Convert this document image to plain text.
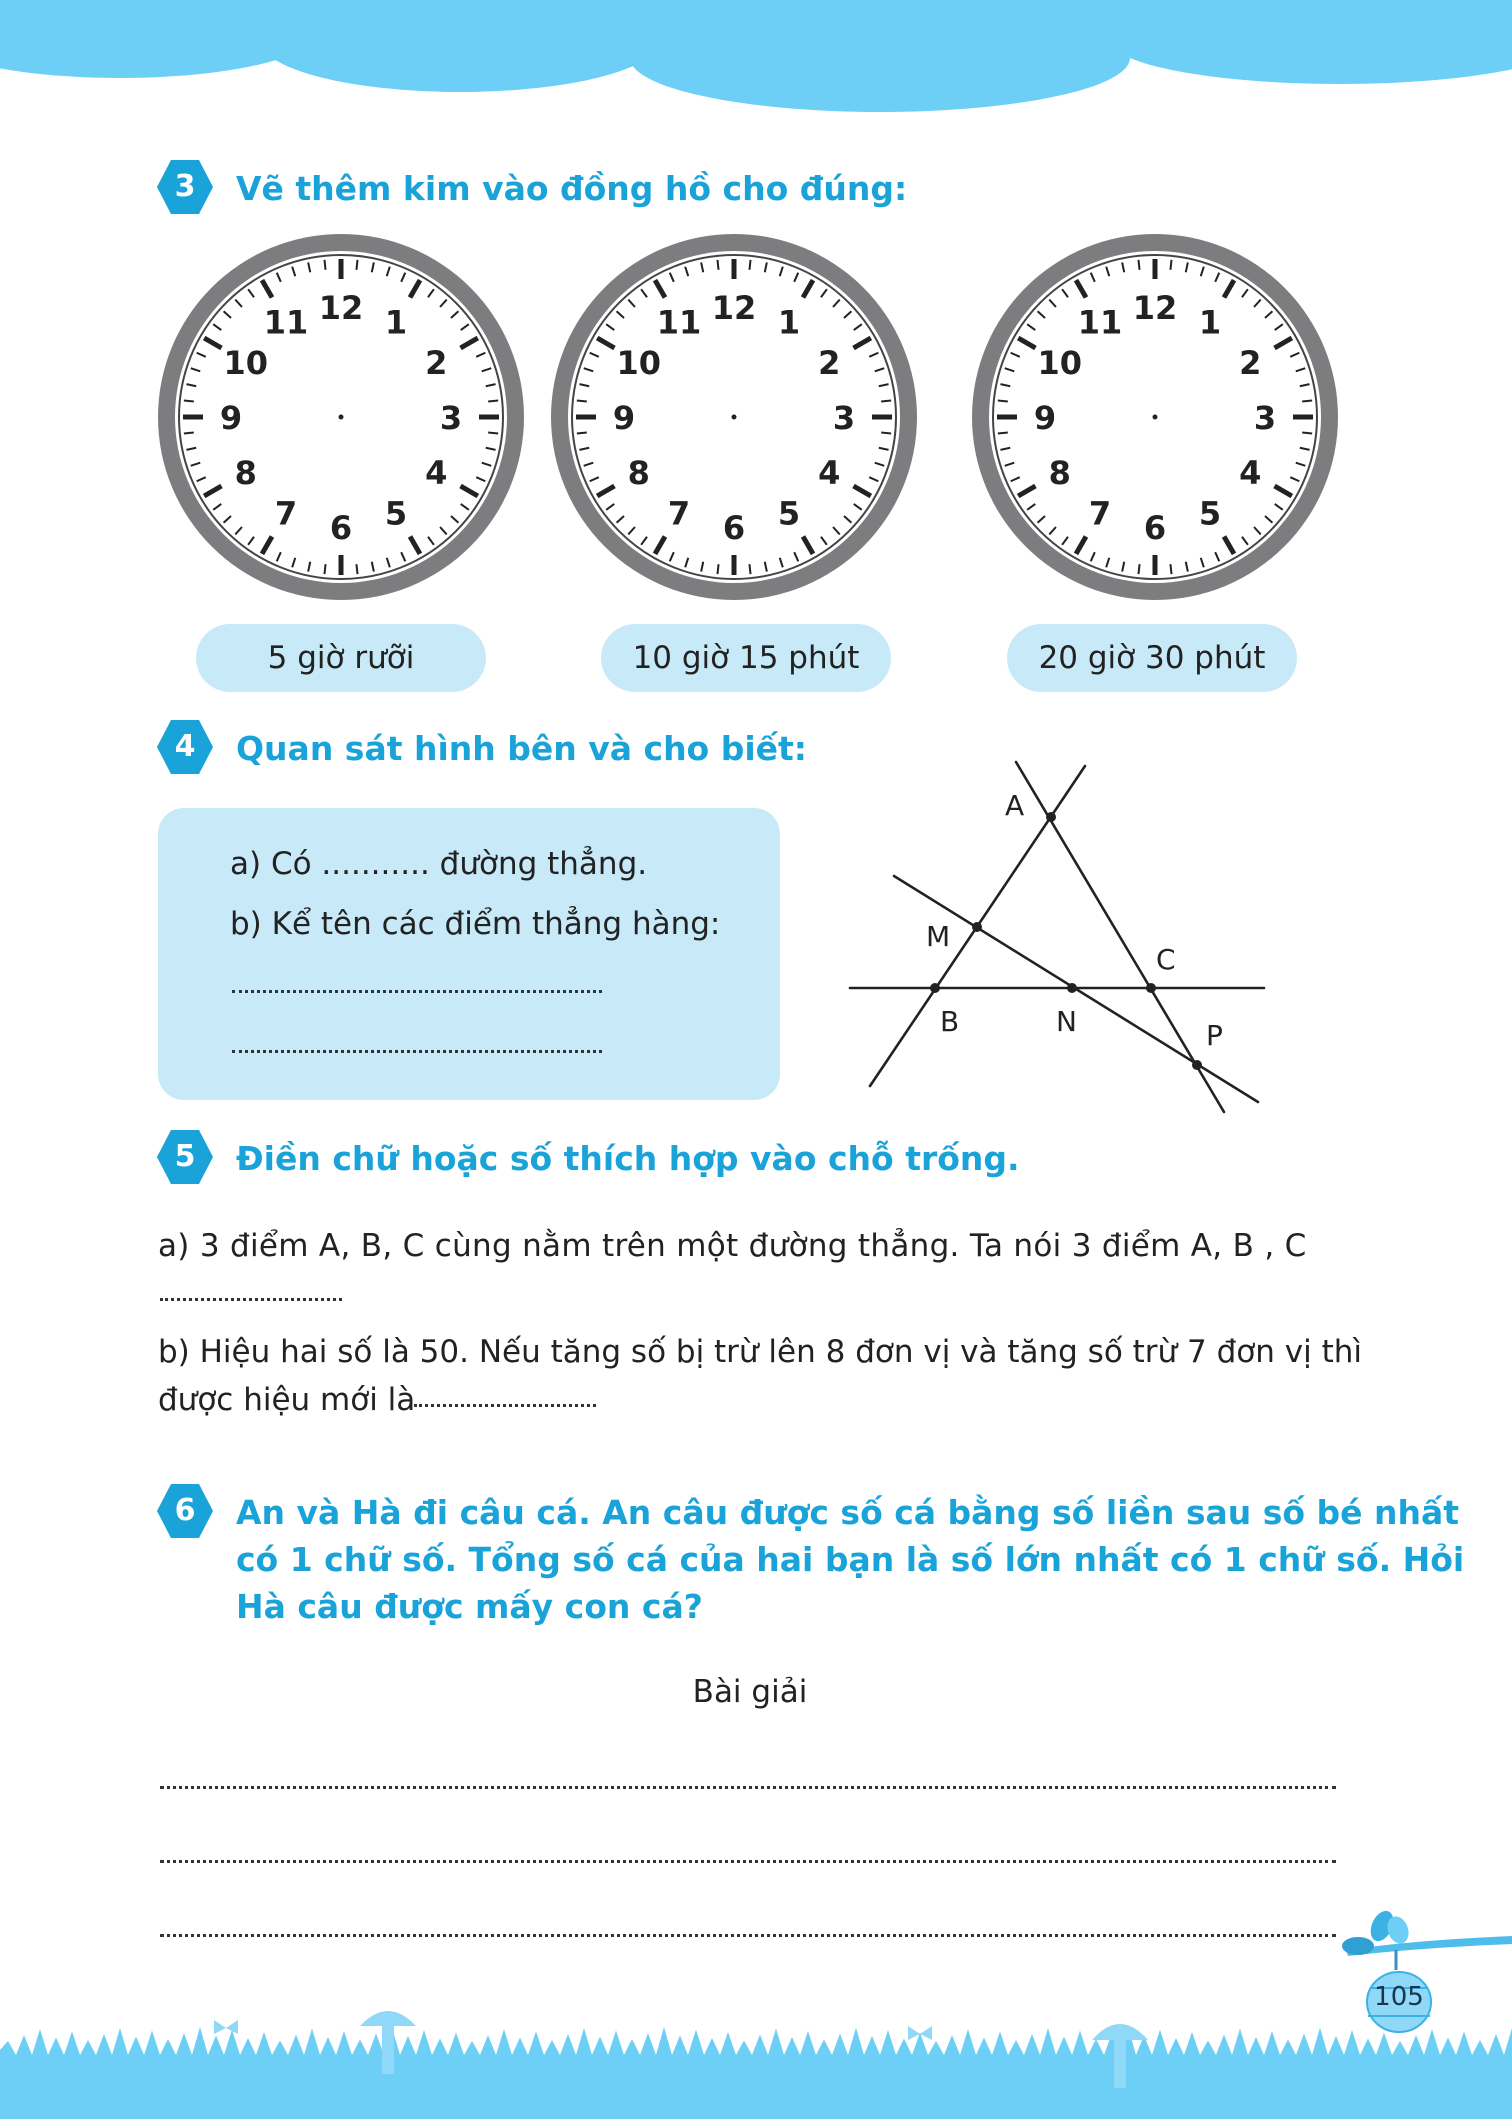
3	Vẽ thêm kim vào đồng hồ cho đúng:
12 1
2
3
4
5
6
7
8
9
10
11	12 1
2
3
4
5
6
7
8
9
10
11	12 1
2
3
4
5
6
7
8
9
10
11
5 giờ rưỡi	10 giờ 15 phút	20 giờ 30 phút
4	Quan sát hình bên và cho biết:
a) Có ........... đường thẳng.
b) Kể tên các điểm thẳng hàng:
A
M
C
B	N	P
5	Điền chữ hoặc số thích hợp vào chỗ trống.
a) 3 điểm A, B, C cùng nằm trên một đường thẳng. Ta nói 3 điểm A, B , C
b) Hiệu hai số là 50. Nếu tăng số bị trừ lên 8 đơn vị và tăng số trừ 7 đơn vị thì
được hiệu mới là
6	An và Hà đi câu cá. An câu được số cá bằng số liền sau số bé nhất
có 1 chữ số. Tổng số cá của hai bạn là số lớn nhất có 1 chữ số. Hỏi
Hà câu được mấy con cá?
Bài giải
105
